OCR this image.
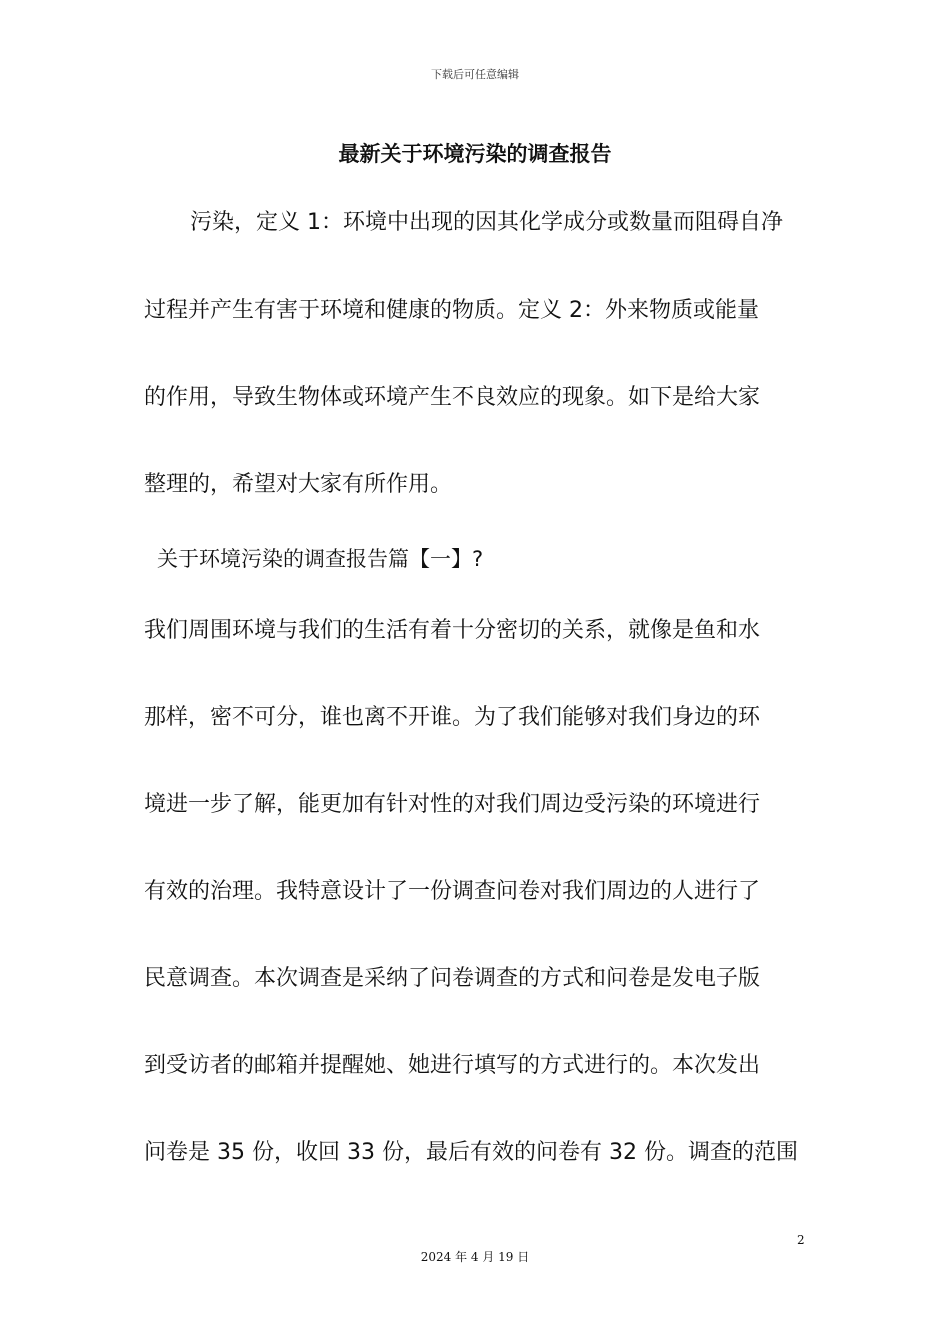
下载后可任意编辑
最新关于环境污染的调查报告
污染，定义 1：环境中出现的因其化学成分或数量而阻碍自净
过程并产生有害于环境和健康的物质。定义 2：外来物质或能量
的作用，导致生物体或环境产生不良效应的现象。如下是给大家
整理的，希望对大家有所作用。
关于环境污染的调查报告篇【一】?
我们周围环境与我们的生活有着十分密切的关系，就像是鱼和水
那样，密不可分，谁也离不开谁。为了我们能够对我们身边的环
境进一步了解，能更加有针对性的对我们周边受污染的环境进行
有效的治理。我特意设计了一份调查问卷对我们周边的人进行了
民意调查。本次调查是采纳了问卷调查的方式和问卷是发电子版
到受访者的邮箱并提醒她、她进行填写的方式进行的。本次发出
问卷是 35 份，收回 33 份，最后有效的问卷有 32 份。调查的范围
2
2024 年 4 月 19 日
